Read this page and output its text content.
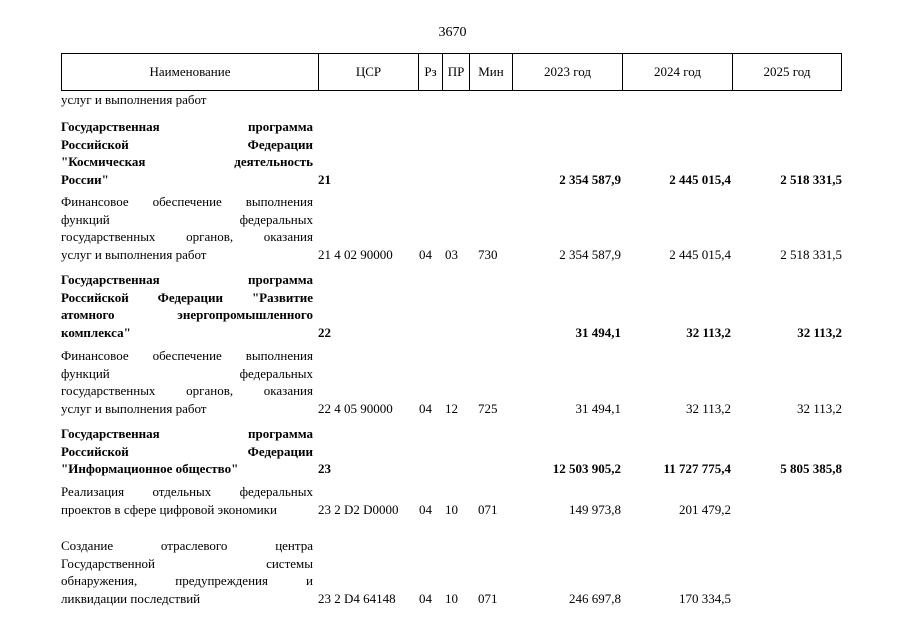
3670
Наименование	ЦСР	Рз ПР	Мин	2023 год	2024 год	2025 год
услуг и выполнения работ
Государственная программа
Российской Федерации
"Космическая деятельность
России"	21	2 354 587,9	2 445 015,4	2 518 331,5
Финансовое обеспечение выполнения
функций федеральных
государственных органов, оказания
услуг и выполнения работ	21 4 02 90000 04 03 730	2 354 587,9	2 445 015,4	2 518 331,5
Государственная программа
Российской Федерации "Развитие
атомного энергопромышленного
комплекса"	22	31 494,1	32 113,2	32 113,2
Финансовое обеспечение выполнения
функций федеральных
государственных органов, оказания
услуг и выполнения работ	22 4 05 90000 04 12 725	31 494,1	32 113,2	32 113,2
Государственная программа
Российской Федерации
"Информационное общество"	23	12 503 905,2	11 727 775,4	5 805 385,8
Реализация отдельных федеральных
проектов в сфере цифровой экономики	23 2 D2 D0000 04 10 071	149 973,8	201 479,2
Создание отраслевого центра
Государственной системы
обнаружения, предупреждения и
ликвидации последствий	23 2 D4 64148 04 10 071	246 697,8	170 334,5
